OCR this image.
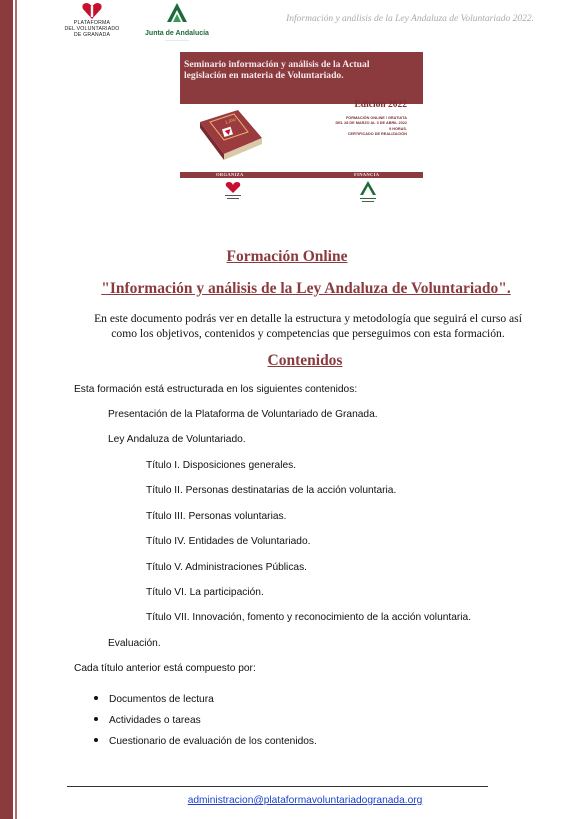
PLATAFORMA
DEL VOLUNTARIADO
DE GRANADA	Junta de Andalucía
————————
Información y análisis de la Ley Andaluza de Voluntariado 2022.
Seminario información y análisis de la Actual legislación en materia de Voluntariado.
LAW
Edición 2022
FORMACIÓN ONLINE / GRATUITA
DEL 28 DE MARZO AL 3 DE ABRIL 2022
9 HORAS.
CERTIFICADO DE REALIZACIÓN
ORGANIZA	FINANCIA
Formación Online
"Información y análisis de la Ley Andaluza de Voluntariado".
En este documento podrás ver en detalle la estructura y metodología que seguirá el curso así como los objetivos, contenidos y competencias que perseguimos con esta formación.
Contenidos
Esta formación está estructurada en los siguientes contenidos:
Presentación de la Plataforma de Voluntariado de Granada.
Ley Andaluza de Voluntariado.
Título I. Disposiciones generales.
Título II. Personas destinatarias de la acción voluntaria.
Título III. Personas voluntarias.
Título IV. Entidades de Voluntariado.
Título V. Administraciones Públicas.
Título VI. La participación.
Título VII. Innovación, fomento y reconocimiento de la acción voluntaria.
Evaluación.
Cada título anterior está compuesto por:
Documentos de lectura
Actividades o tareas
Cuestionario de evaluación de los contenidos.
administracion@plataformavoluntariadogranada.org
